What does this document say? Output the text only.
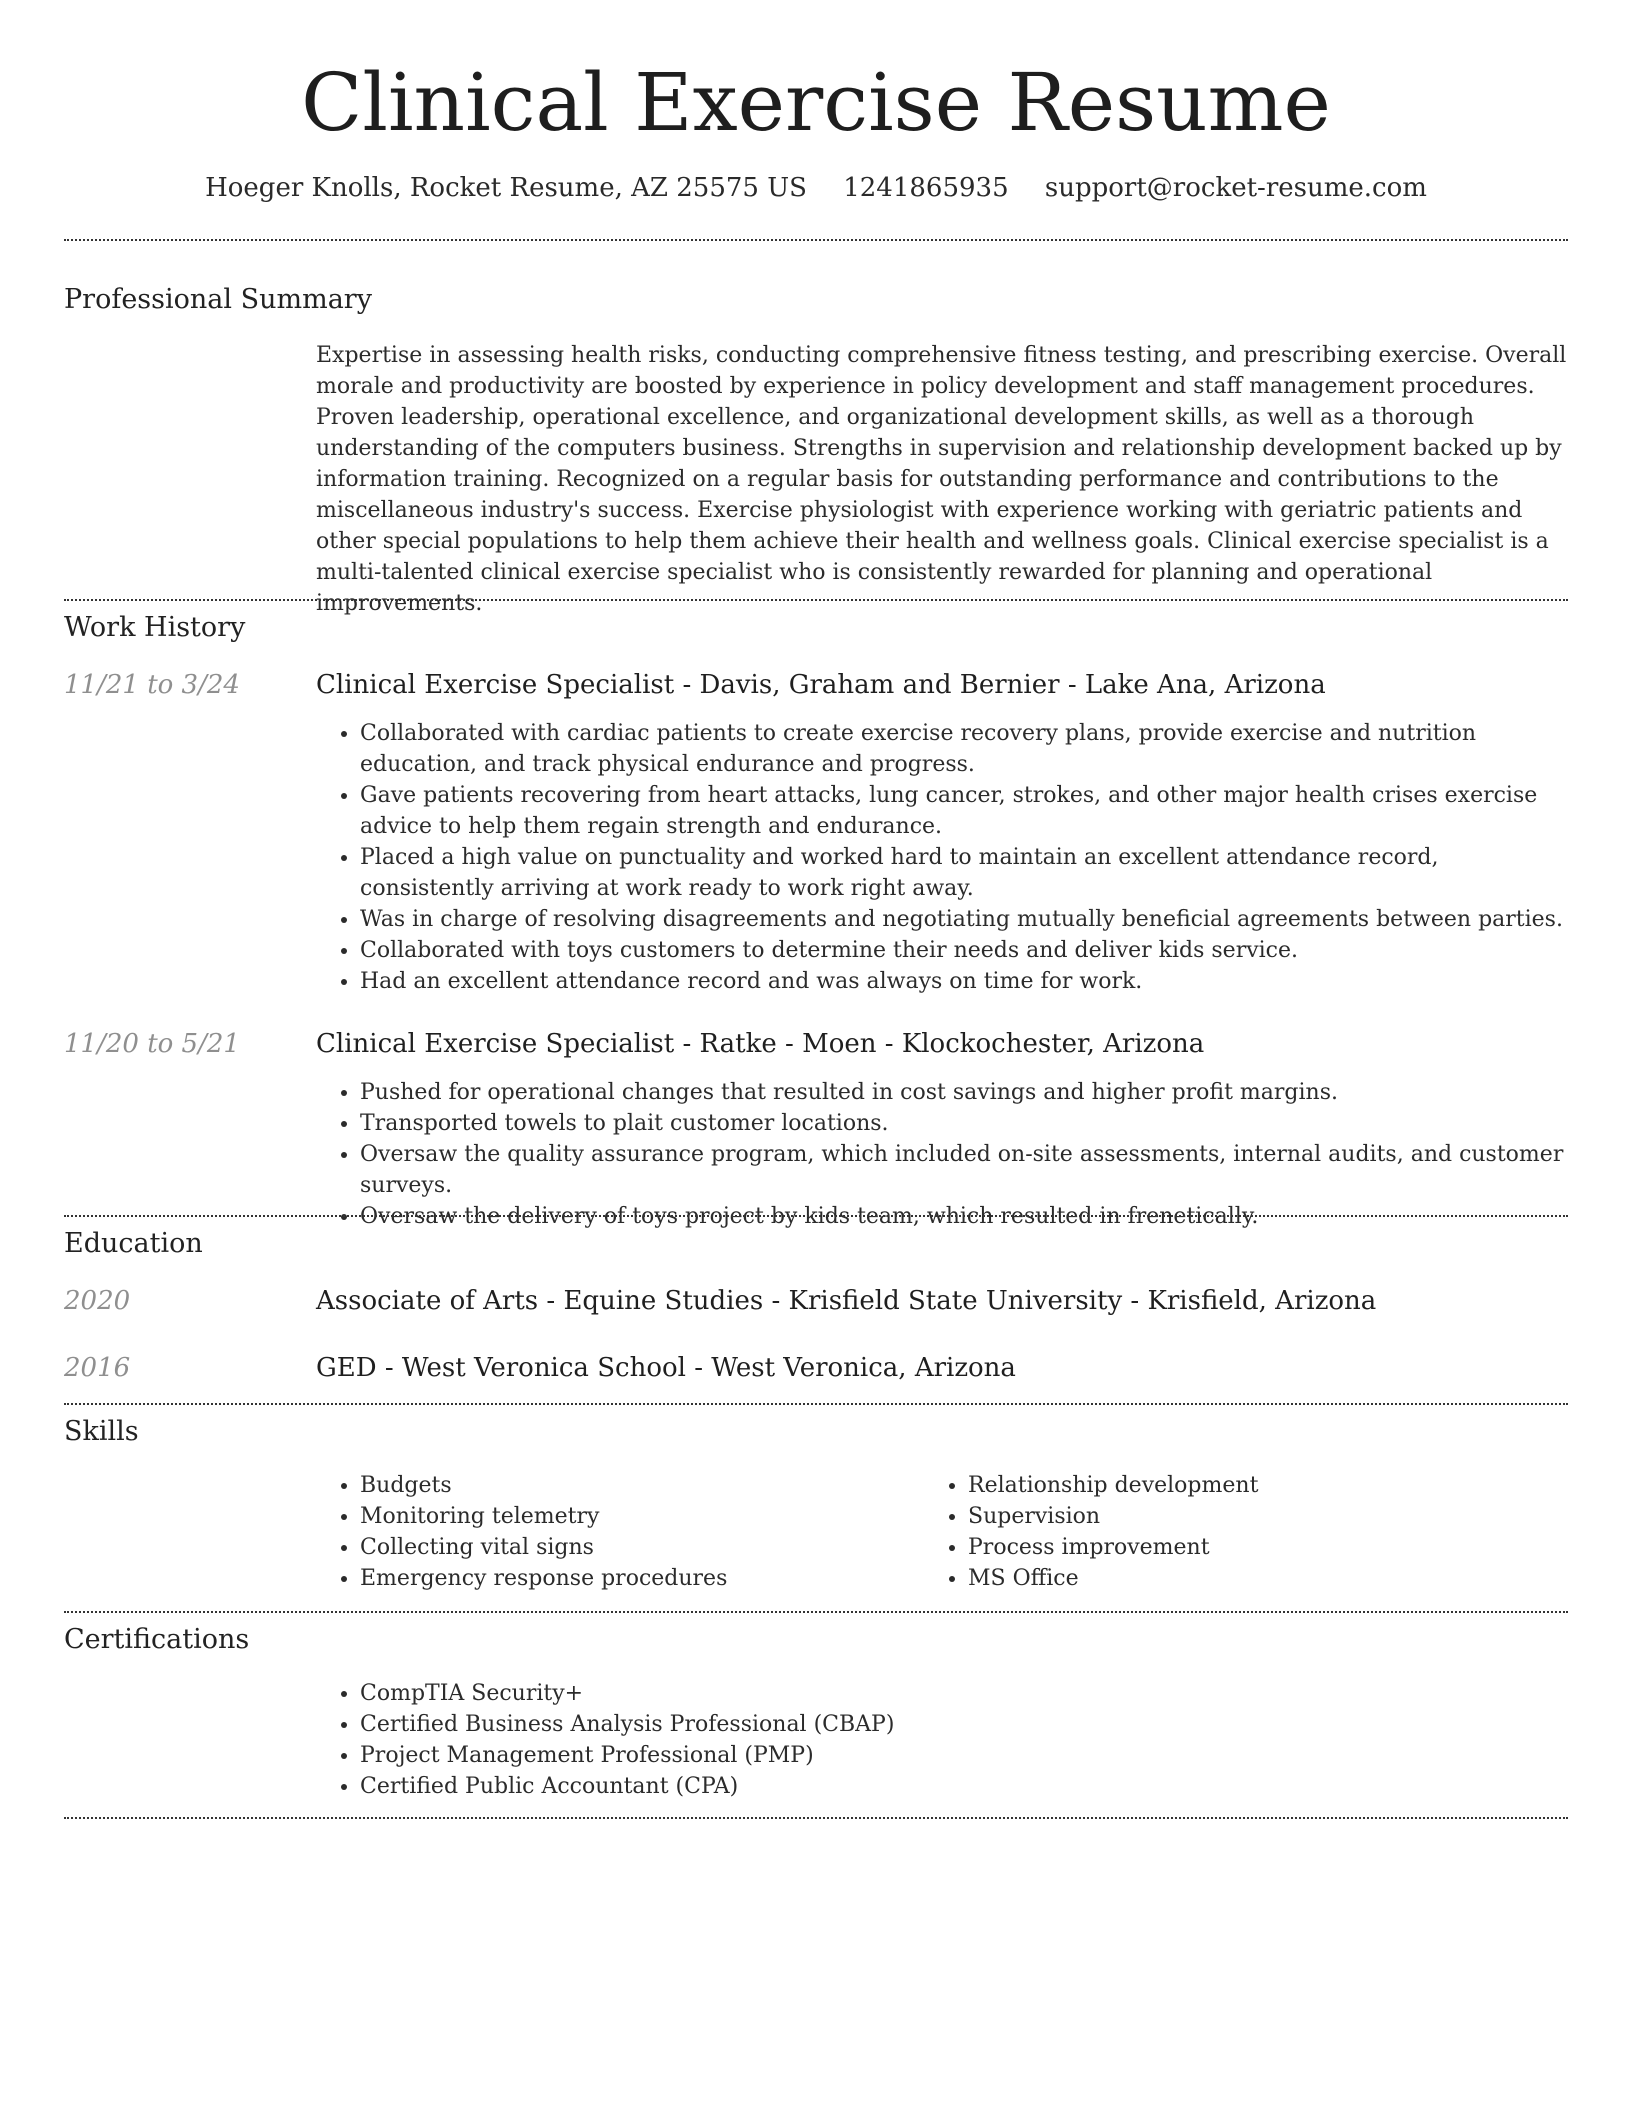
Clinical Exercise Resume
Hoeger Knolls, Rocket Resume, AZ 25575 US 1241865935 support@rocket-resume.com
Professional Summary

Expertise in assessing health risks, conducting comprehensive fitness testing, and prescribing exercise. Overall morale and productivity are boosted by experience in policy development and staff management procedures. Proven leadership, operational excellence, and organizational development skills, as well as a thorough understanding of the computers business. Strengths in supervision and relationship development backed up by information training. Recognized on a regular basis for outstanding performance and contributions to the miscellaneous industry's success. Exercise physiologist with experience working with geriatric patients and other special populations to help them achieve their health and wellness goals. Clinical exercise specialist is a multi-talented clinical exercise specialist who is consistently rewarded for planning and operational improvements.

Work History
11/21 to 3/24	Clinical Exercise Specialist - Davis, Graham and Bernier - Lake Ana, Arizona
• Collaborated with cardiac patients to create exercise recovery plans, provide exercise and nutrition education, and track physical endurance and progress.
• Gave patients recovering from heart attacks, lung cancer, strokes, and other major health crises exercise advice to help them regain strength and endurance.
• Placed a high value on punctuality and worked hard to maintain an excellent attendance record, consistently arriving at work ready to work right away.
• Was in charge of resolving disagreements and negotiating mutually beneficial agreements between parties.
• Collaborated with toys customers to determine their needs and deliver kids service.
• Had an excellent attendance record and was always on time for work.
11/20 to 5/21	Clinical Exercise Specialist - Ratke - Moen - Klockochester, Arizona
• Pushed for operational changes that resulted in cost savings and higher profit margins.
• Transported towels to plait customer locations.
• Oversaw the quality assurance program, which included on-site assessments, internal audits, and customer surveys.
• Oversaw the delivery of toys project by kids team, which resulted in frenetically.
Education
2020	Associate of Arts - Equine Studies - Krisfield State University - Krisfield, Arizona
2016	GED - West Veronica School - West Veronica, Arizona
Skills
• Budgets
• Monitoring telemetry
• Collecting vital signs
• Emergency response procedures
• Relationship development
• Supervision
• Process improvement
• MS Office
Certifications
• CompTIA Security+
• Certified Business Analysis Professional (CBAP)
• Project Management Professional (PMP)
• Certified Public Accountant (CPA)
